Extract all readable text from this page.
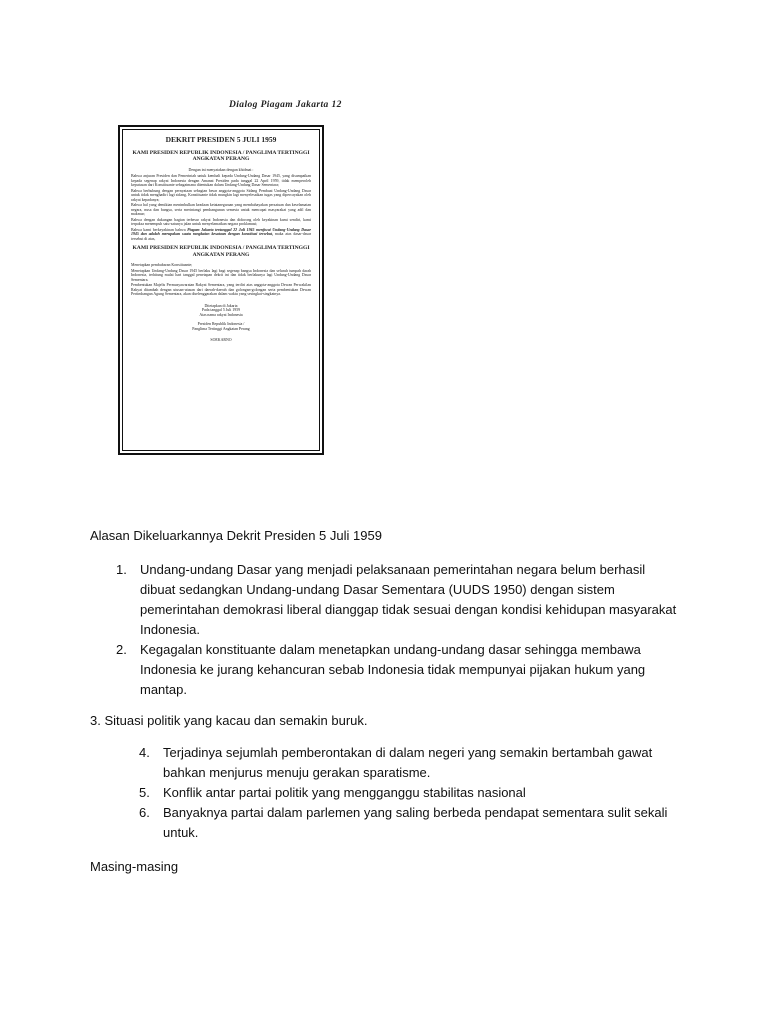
Dialog Piagam Jakarta 12
DEKRIT PRESIDEN 5 JULI 1959
KAMI PRESIDEN REPUBLIK INDONESIA / PANGLIMA TERTINGGI ANGKATAN PERANG
Dengan ini menyatakan dengan khidmat :

Bahwa anjuran Presiden dan Pemerintah untuk kembali kepada Undang-Undang Dasar 1945, yang disampaikan kepada segenap rakyat Indonesia dengan Amanat Presiden pada tanggal 22 April 1959, tidak memperoleh keputusan dari Konstituante sebagaimana ditentukan dalam Undang-Undang Dasar Sementara;

Bahwa berhubung dengan pernyataan sebagian besar anggota-anggota Sidang Pembuat Undang-Undang Dasar untuk tidak menghadiri lagi sidang, Konstituante tidak mungkin lagi menyelesaikan tugas yang dipercayakan oleh rakyat kepadanya;

Bahwa hal yang demikian menimbulkan keadaan ketatanegaraan yang membahayakan persatuan dan keselamatan negara, nusa dan bangsa, serta merintangi pembangunan semesta untuk mencapai masyarakat yang adil dan makmur;

Bahwa dengan dukungan bagian terbesar rakyat Indonesia dan didorong oleh keyakinan kami sendiri, kami terpaksa menempuh satu-satunya jalan untuk menyelamatkan negara proklamasi;

Bahwa kami berkeyakinan bahwa Piagam Jakarta tertanggal 22 Juli 1945 menjiwai Undang-Undang Dasar 1945 dan adalah merupakan suatu rangkaian kesatuan dengan konstitusi tersebut, maka atas dasar-dasar tersebut di atas,

KAMI PRESIDEN REPUBLIK INDONESIA / PANGLIMA TERTINGGI ANGKATAN PERANG

Menetapkan pembubaran Konstituante;

Menetapkan Undang-Undang Dasar 1945 berlaku lagi bagi segenap bangsa Indonesia dan seluruh tumpah darah Indonesia, terhitung mulai hari tanggal penetapan dekrit ini dan tidak berlakunya lagi Undang-Undang Dasar Sementara.

Pembentukan Majelis Permusyawaratan Rakyat Sementara, yang terdiri atas anggota-anggota Dewan Perwakilan Rakyat ditambah dengan utusan-utusan dari daerah-daerah dan golongan-golongan serta pembentukan Dewan Pertimbangan Agung Sementara, akan diselenggarakan dalam waktu yang sesingkat-singkatnya.

Ditetapkan di Jakarta
Pada tanggal 5 Juli 1959
Atas nama rakyat Indonesia
Presiden Republik Indonesia /
Panglima Tertinggi Angkatan Perang
SOEKARNO
Alasan Dikeluarkannya Dekrit Presiden 5 Juli 1959
1. Undang-undang Dasar yang menjadi pelaksanaan pemerintahan negara belum berhasil
dibuat sedangkan Undang-undang Dasar Sementara (UUDS 1950) dengan sistem
pemerintahan demokrasi liberal dianggap tidak sesuai dengan kondisi kehidupan masyarakat
Indonesia.
2. Kegagalan konstituante dalam menetapkan undang-undang dasar sehingga membawa
Indonesia ke jurang kehancuran sebab Indonesia tidak mempunyai pijakan hukum yang
mantap.
3. Situasi politik yang kacau dan semakin buruk.
4. Terjadinya sejumlah pemberontakan di dalam negeri yang semakin bertambah gawat
bahkan menjurus menuju gerakan sparatisme.
5. Konflik antar partai politik yang mengganggu stabilitas nasional
6. Banyaknya partai dalam parlemen yang saling berbeda pendapat sementara sulit sekali
untuk.
Masing-masing
